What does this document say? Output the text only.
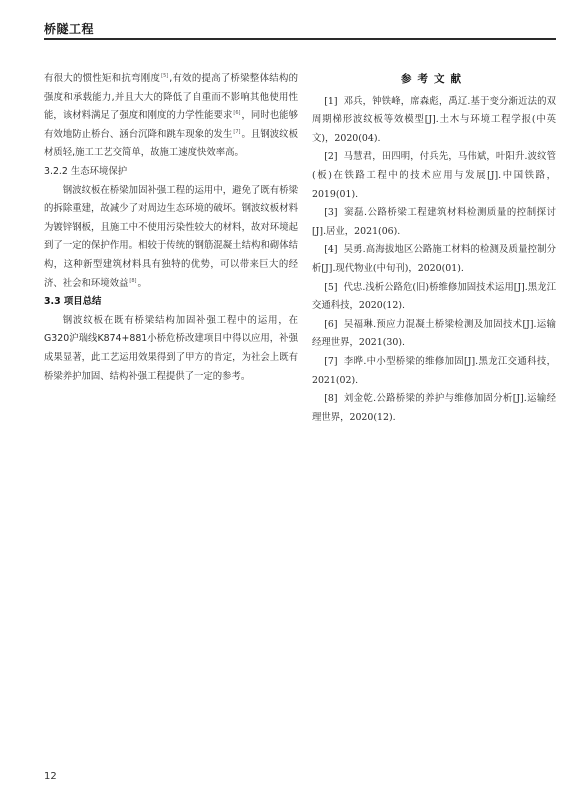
桥隧工程

有很大的惯性矩和抗弯刚度[5],有效的提高了桥梁整体结构的强度和承载能力,并且大大的降低了自重而不影响其他使用性能，该材料满足了强度和刚度的力学性能要求[6]，同时也能够有效地防止桥台、涵台沉降和跳车现象的发生[7]。且钢波纹板材质轻,施工工艺交简单，故施工速度快效率高。

3.2.2 生态环境保护

钢波纹板在桥梁加固补强工程的运用中，避免了既有桥梁的拆除重建，故减少了对周边生态环境的破坏。钢波纹板材料为镀锌钢板，且施工中不使用污染性较大的材料，故对环境起到了一定的保护作用。相较于传统的钢筋混凝土结构和砌体结构，这种新型建筑材料具有独特的优势，可以带来巨大的经济、社会和环境效益[8]。

3.3 项目总结

钢波纹板在既有桥梁结构加固补强工程中的运用，在G320沪瑞线K874+881小桥危桥改建项目中得以应用，补强成果显著，此工艺运用效果得到了甲方的肯定，为社会上既有桥梁养护加固、结构补强工程提供了一定的参考。

参考文献

[1] 邓兵，钟铁峰，席森彪，禹辽.基于变分渐近法的双周期梯形波纹板等效模型[J].土木与环境工程学报(中英文)，2020(04).

[2] 马慧君，田四明，付兵先，马伟斌，叶阳升.波纹管(板)在铁路工程中的技术应用与发展[J].中国铁路，2019(01).

[3] 窦磊.公路桥梁工程建筑材料检测质量的控制探讨[J].居业，2021(06).

[4] 吴勇.高海拔地区公路施工材料的检测及质量控制分析[J].现代物业(中旬刊)，2020(01).

[5] 代忠.浅析公路危(旧)桥维修加固技术运用[J].黑龙江交通科技，2020(12).

[6] 吴福琳.预应力混凝土桥梁检测及加固技术[J].运输经理世界，2021(30).

[7] 李晔.中小型桥梁的维修加固[J].黑龙江交通科技，2021(02).

[8] 刘金乾.公路桥梁的养护与维修加固分析[J].运输经理世界，2020(12).

12
